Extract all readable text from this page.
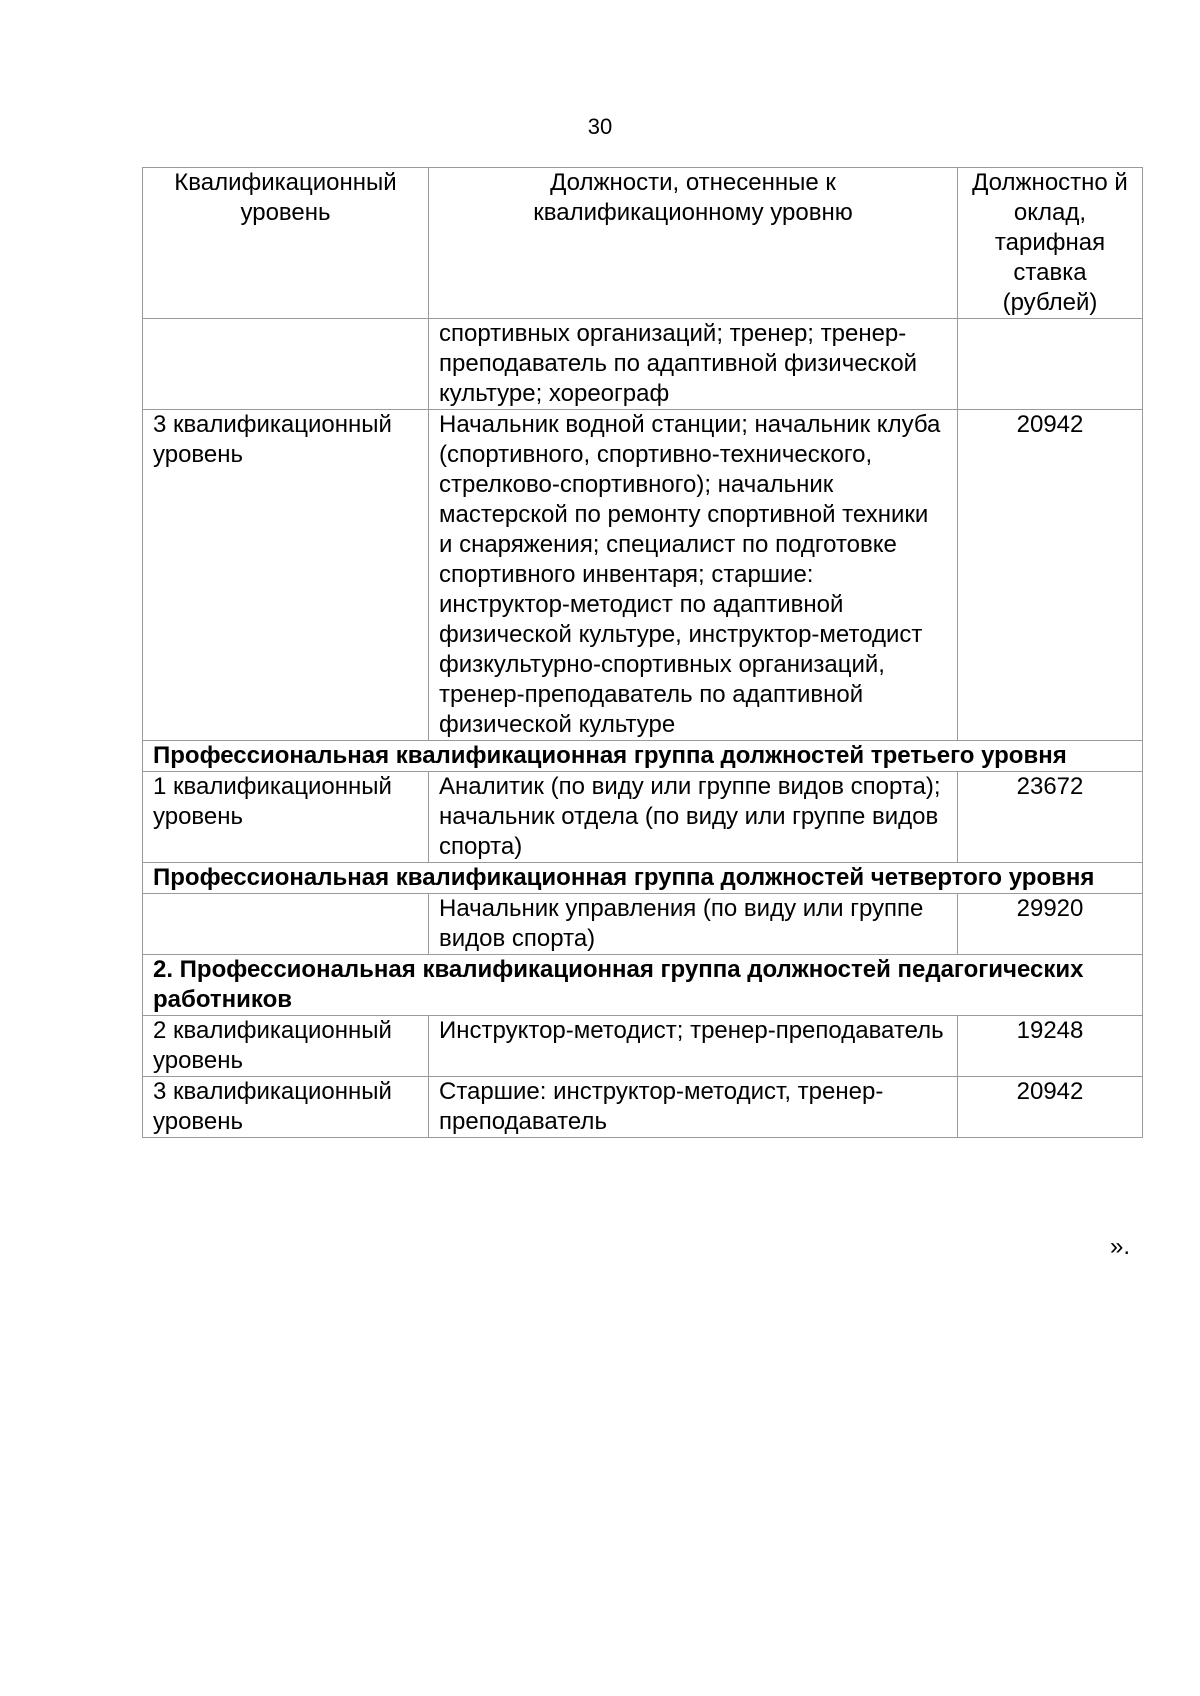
30
Квалификационный уровень	Должности, отнесенные к квалификационному уровню	Должностно й оклад, тарифная ставка (рублей)
	спортивных организаций; тренер; тренер-преподаватель по адаптивной физической культуре; хореограф	
3 квалификационный уровень	Начальник водной станции; начальник клуба (спортивного, спортивно-технического, стрелково-спортивного); начальник мастерской по ремонту спортивной техники и снаряжения; специалист по подготовке спортивного инвентаря; старшие: инструктор-методист по адаптивной физической культуре, инструктор-методист физкультурно-спортивных организаций, тренер-преподаватель по адаптивной физической культуре	20942
Профессиональная квалификационная группа должностей третьего уровня		
1 квалификационный уровень	Аналитик (по виду или группе видов спорта); начальник отдела (по виду или группе видов спорта)	23672
Профессиональная квалификационная группа должностей четвертого уровня		
	Начальник управления (по виду или группе видов спорта)	29920
2. Профессиональная квалификационная группа должностей педагогических работников		
2 квалификационный уровень	Инструктор-методист; тренер-преподаватель	19248
3 квалификационный уровень	Старшие: инструктор-методист, тренер-преподаватель	20942
».
